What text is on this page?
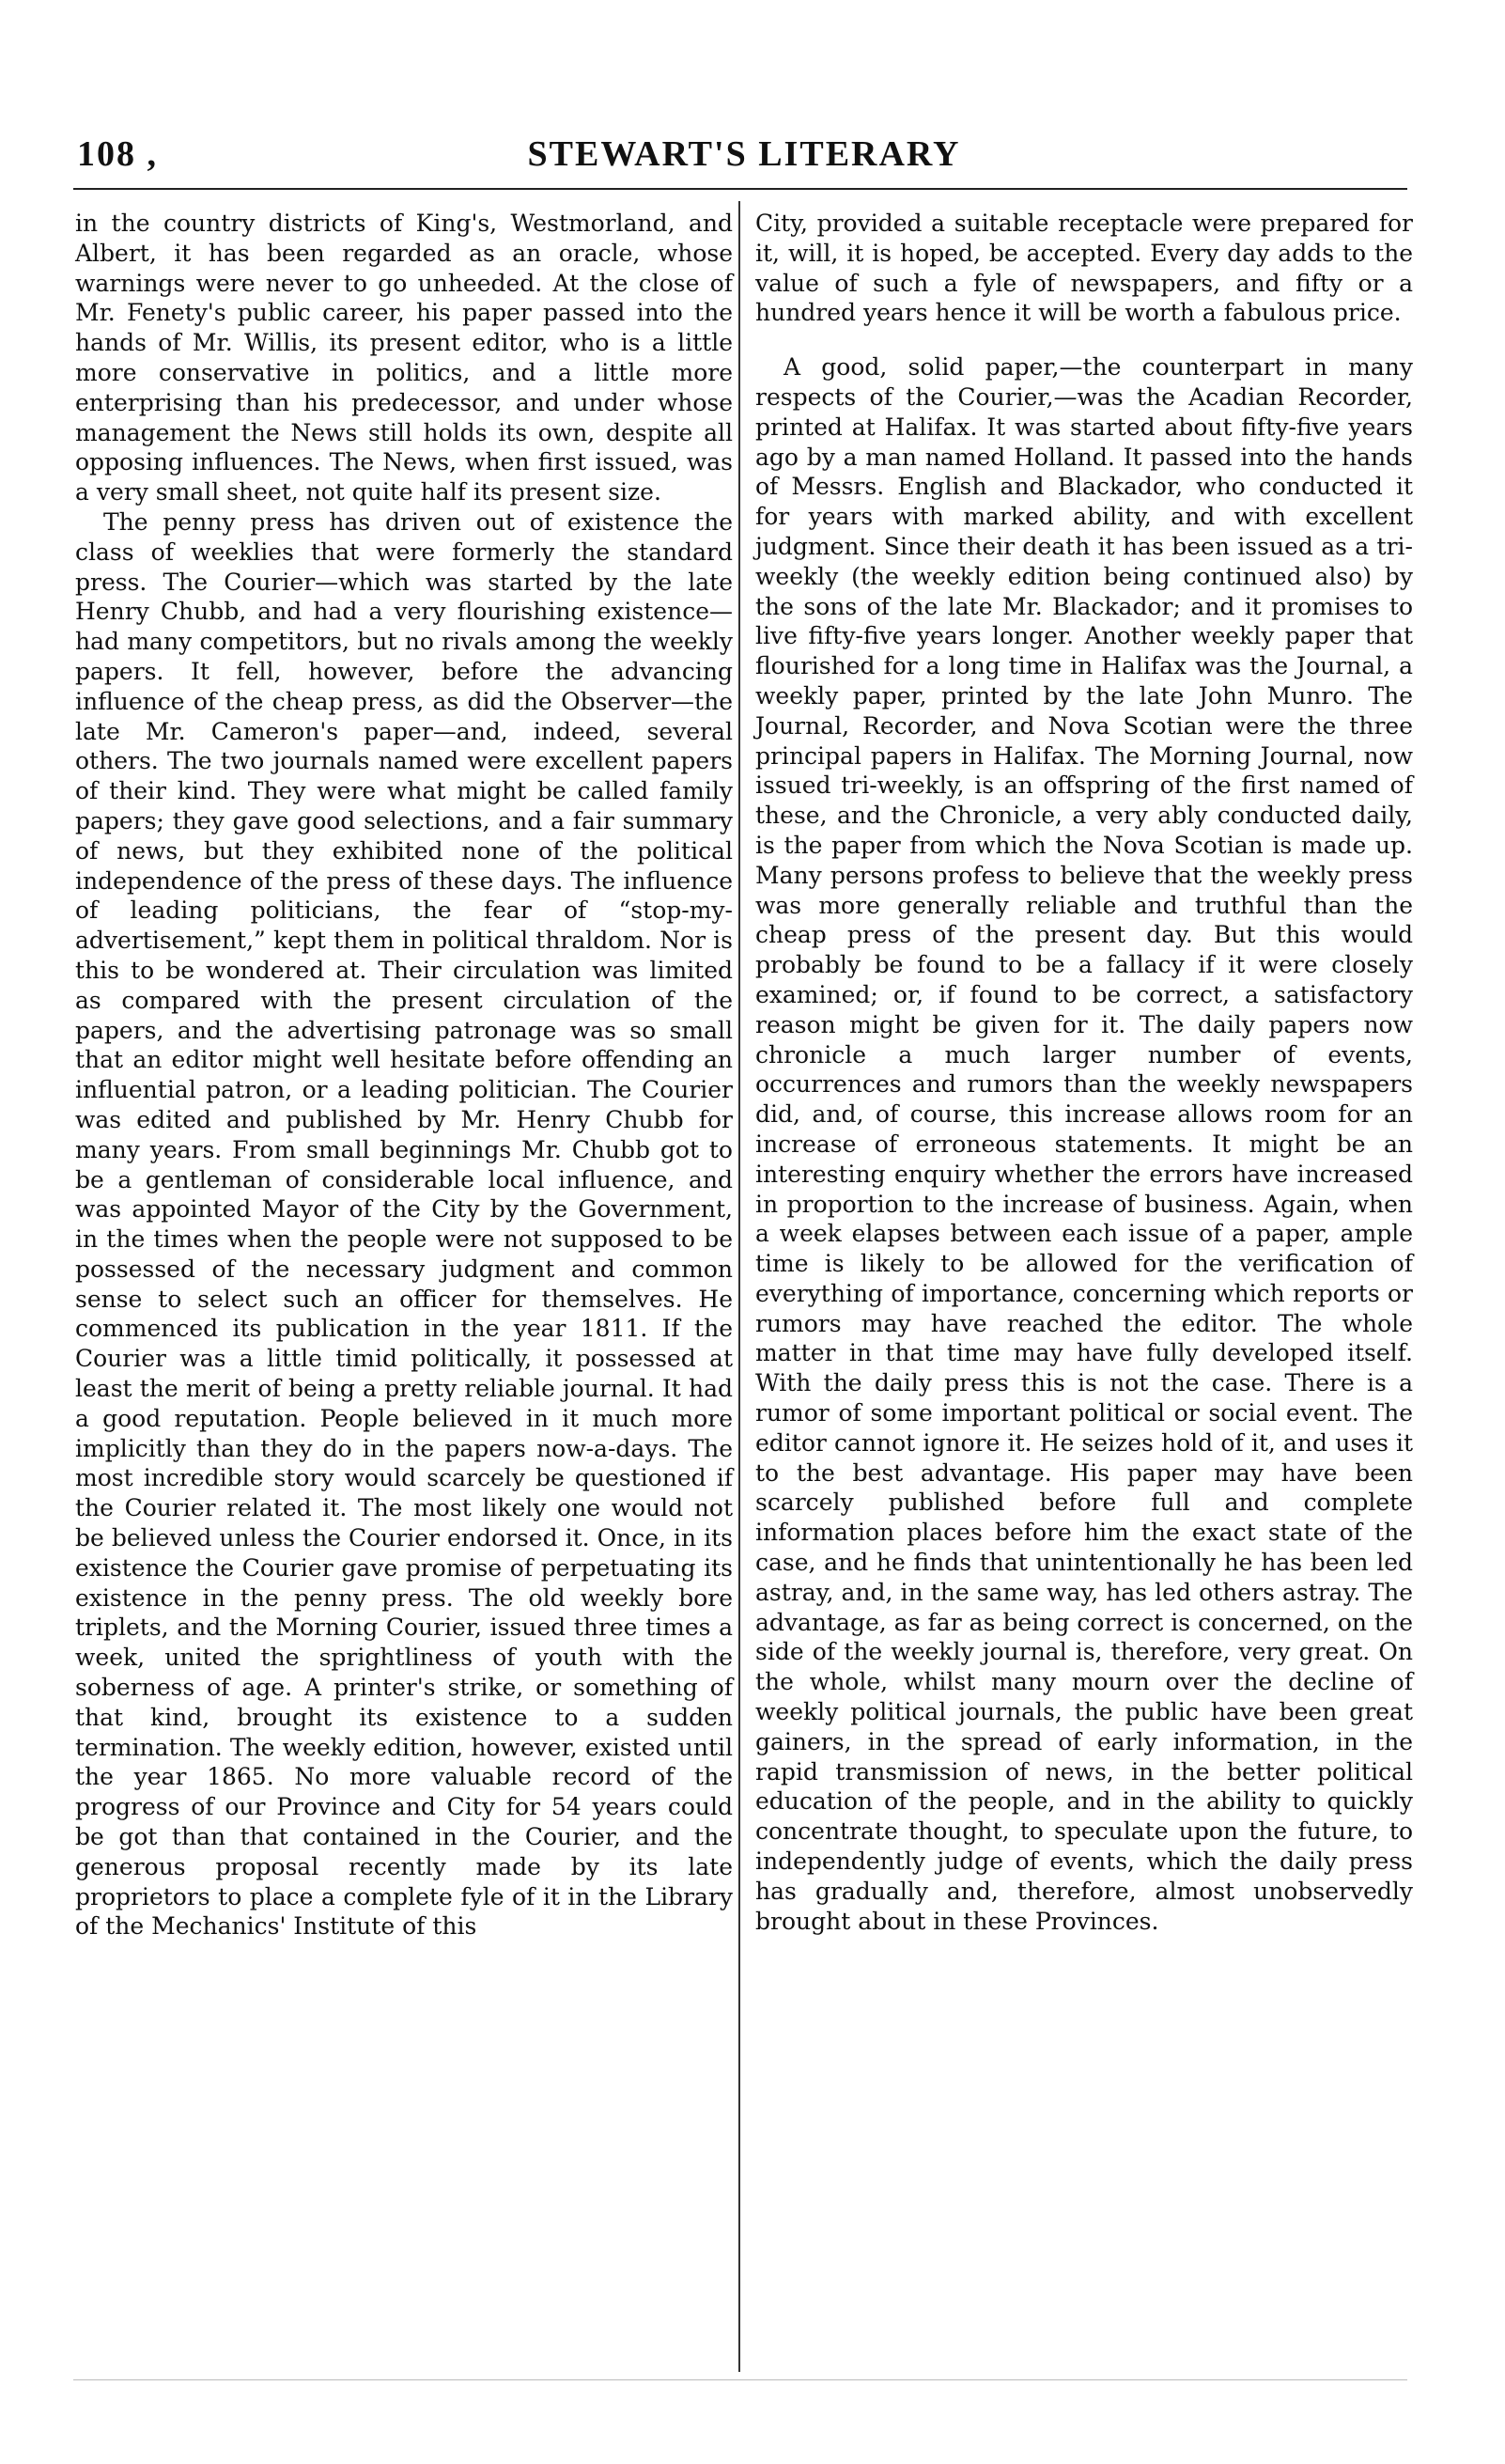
108 ,	STEWART'S LITERARY

in the country districts of King's, Westmorland, and Albert, it has been regarded as an oracle, whose warnings were never to go unheeded. At the close of Mr. Fenety's public career, his paper passed into the hands of Mr. Willis, its present editor, who is a little more conservative in politics, and a little more enterprising than his predecessor, and under whose management the News still holds its own, despite all opposing influences. The News, when first issued, was a very small sheet, not quite half its present size.

The penny press has driven out of existence the class of weeklies that were formerly the standard press. The Courier—which was started by the late Henry Chubb, and had a very flourishing existence—had many competitors, but no rivals among the weekly papers. It fell, however, before the advancing influence of the cheap press, as did the Observer—the late Mr. Cameron's paper—and, indeed, several others. The two journals named were excellent papers of their kind. They were what might be called family papers; they gave good selections, and a fair summary of news, but they exhibited none of the political independence of the press of these days. The influence of leading politicians, the fear of “stop-my-advertisement,” kept them in political thraldom. Nor is this to be wondered at. Their circulation was limited as compared with the present circulation of the papers, and the advertising patronage was so small that an editor might well hesitate before offending an influential patron, or a leading politician. The Courier was edited and published by Mr. Henry Chubb for many years. From small beginnings Mr. Chubb got to be a gentleman of considerable local influence, and was appointed Mayor of the City by the Government, in the times when the people were not supposed to be possessed of the necessary judgment and common sense to select such an officer for themselves. He commenced its publication in the year 1811. If the Courier was a little timid politically, it possessed at least the merit of being a pretty reliable journal. It had a good reputation. People believed in it much more implicitly than they do in the papers now-a-days. The most incredible story would scarcely be questioned if the Courier related it. The most likely one would not be believed unless the Courier endorsed it. Once, in its existence the Courier gave promise of perpetuating its existence in the penny press. The old weekly bore triplets, and the Morning Courier, issued three times a week, united the sprightliness of youth with the soberness of age. A printer's strike, or something of that kind, brought its existence to a sudden termination. The weekly edition, however, existed until the year 1865. No more valuable record of the progress of our Province and City for 54 years could be got than that contained in the Courier, and the generous proposal recently made by its late proprietors to place a complete fyle of it in the Library of the Mechanics' Institute of this

City, provided a suitable receptacle were prepared for it, will, it is hoped, be accepted. Every day adds to the value of such a fyle of newspapers, and fifty or a hundred years hence it will be worth a fabulous price.

A good, solid paper,—the counterpart in many respects of the Courier,—was the Acadian Recorder, printed at Halifax. It was started about fifty-five years ago by a man named Holland. It passed into the hands of Messrs. English and Blackador, who conducted it for years with marked ability, and with excellent judgment. Since their death it has been issued as a tri-weekly (the weekly edition being continued also) by the sons of the late Mr. Blackador; and it promises to live fifty-five years longer. Another weekly paper that flourished for a long time in Halifax was the Journal, a weekly paper, printed by the late John Munro. The Journal, Recorder, and Nova Scotian were the three principal papers in Halifax. The Morning Journal, now issued tri-weekly, is an offspring of the first named of these, and the Chronicle, a very ably conducted daily, is the paper from which the Nova Scotian is made up. Many persons profess to believe that the weekly press was more generally reliable and truthful than the cheap press of the present day. But this would probably be found to be a fallacy if it were closely examined; or, if found to be correct, a satisfactory reason might be given for it. The daily papers now chronicle a much larger number of events, occurrences and rumors than the weekly newspapers did, and, of course, this increase allows room for an increase of erroneous statements. It might be an interesting enquiry whether the errors have increased in proportion to the increase of business. Again, when a week elapses between each issue of a paper, ample time is likely to be allowed for the verification of everything of importance, concerning which reports or rumors may have reached the editor. The whole matter in that time may have fully developed itself. With the daily press this is not the case. There is a rumor of some important political or social event. The editor cannot ignore it. He seizes hold of it, and uses it to the best advantage. His paper may have been scarcely published before full and complete information places before him the exact state of the case, and he finds that unintentionally he has been led astray, and, in the same way, has led others astray. The advantage, as far as being correct is concerned, on the side of the weekly journal is, therefore, very great. On the whole, whilst many mourn over the decline of weekly political journals, the public have been great gainers, in the spread of early information, in the rapid transmission of news, in the better political education of the people, and in the ability to quickly concentrate thought, to speculate upon the future, to independently judge of events, which the daily press has gradually and, therefore, almost unobservedly brought about in these Provinces.
